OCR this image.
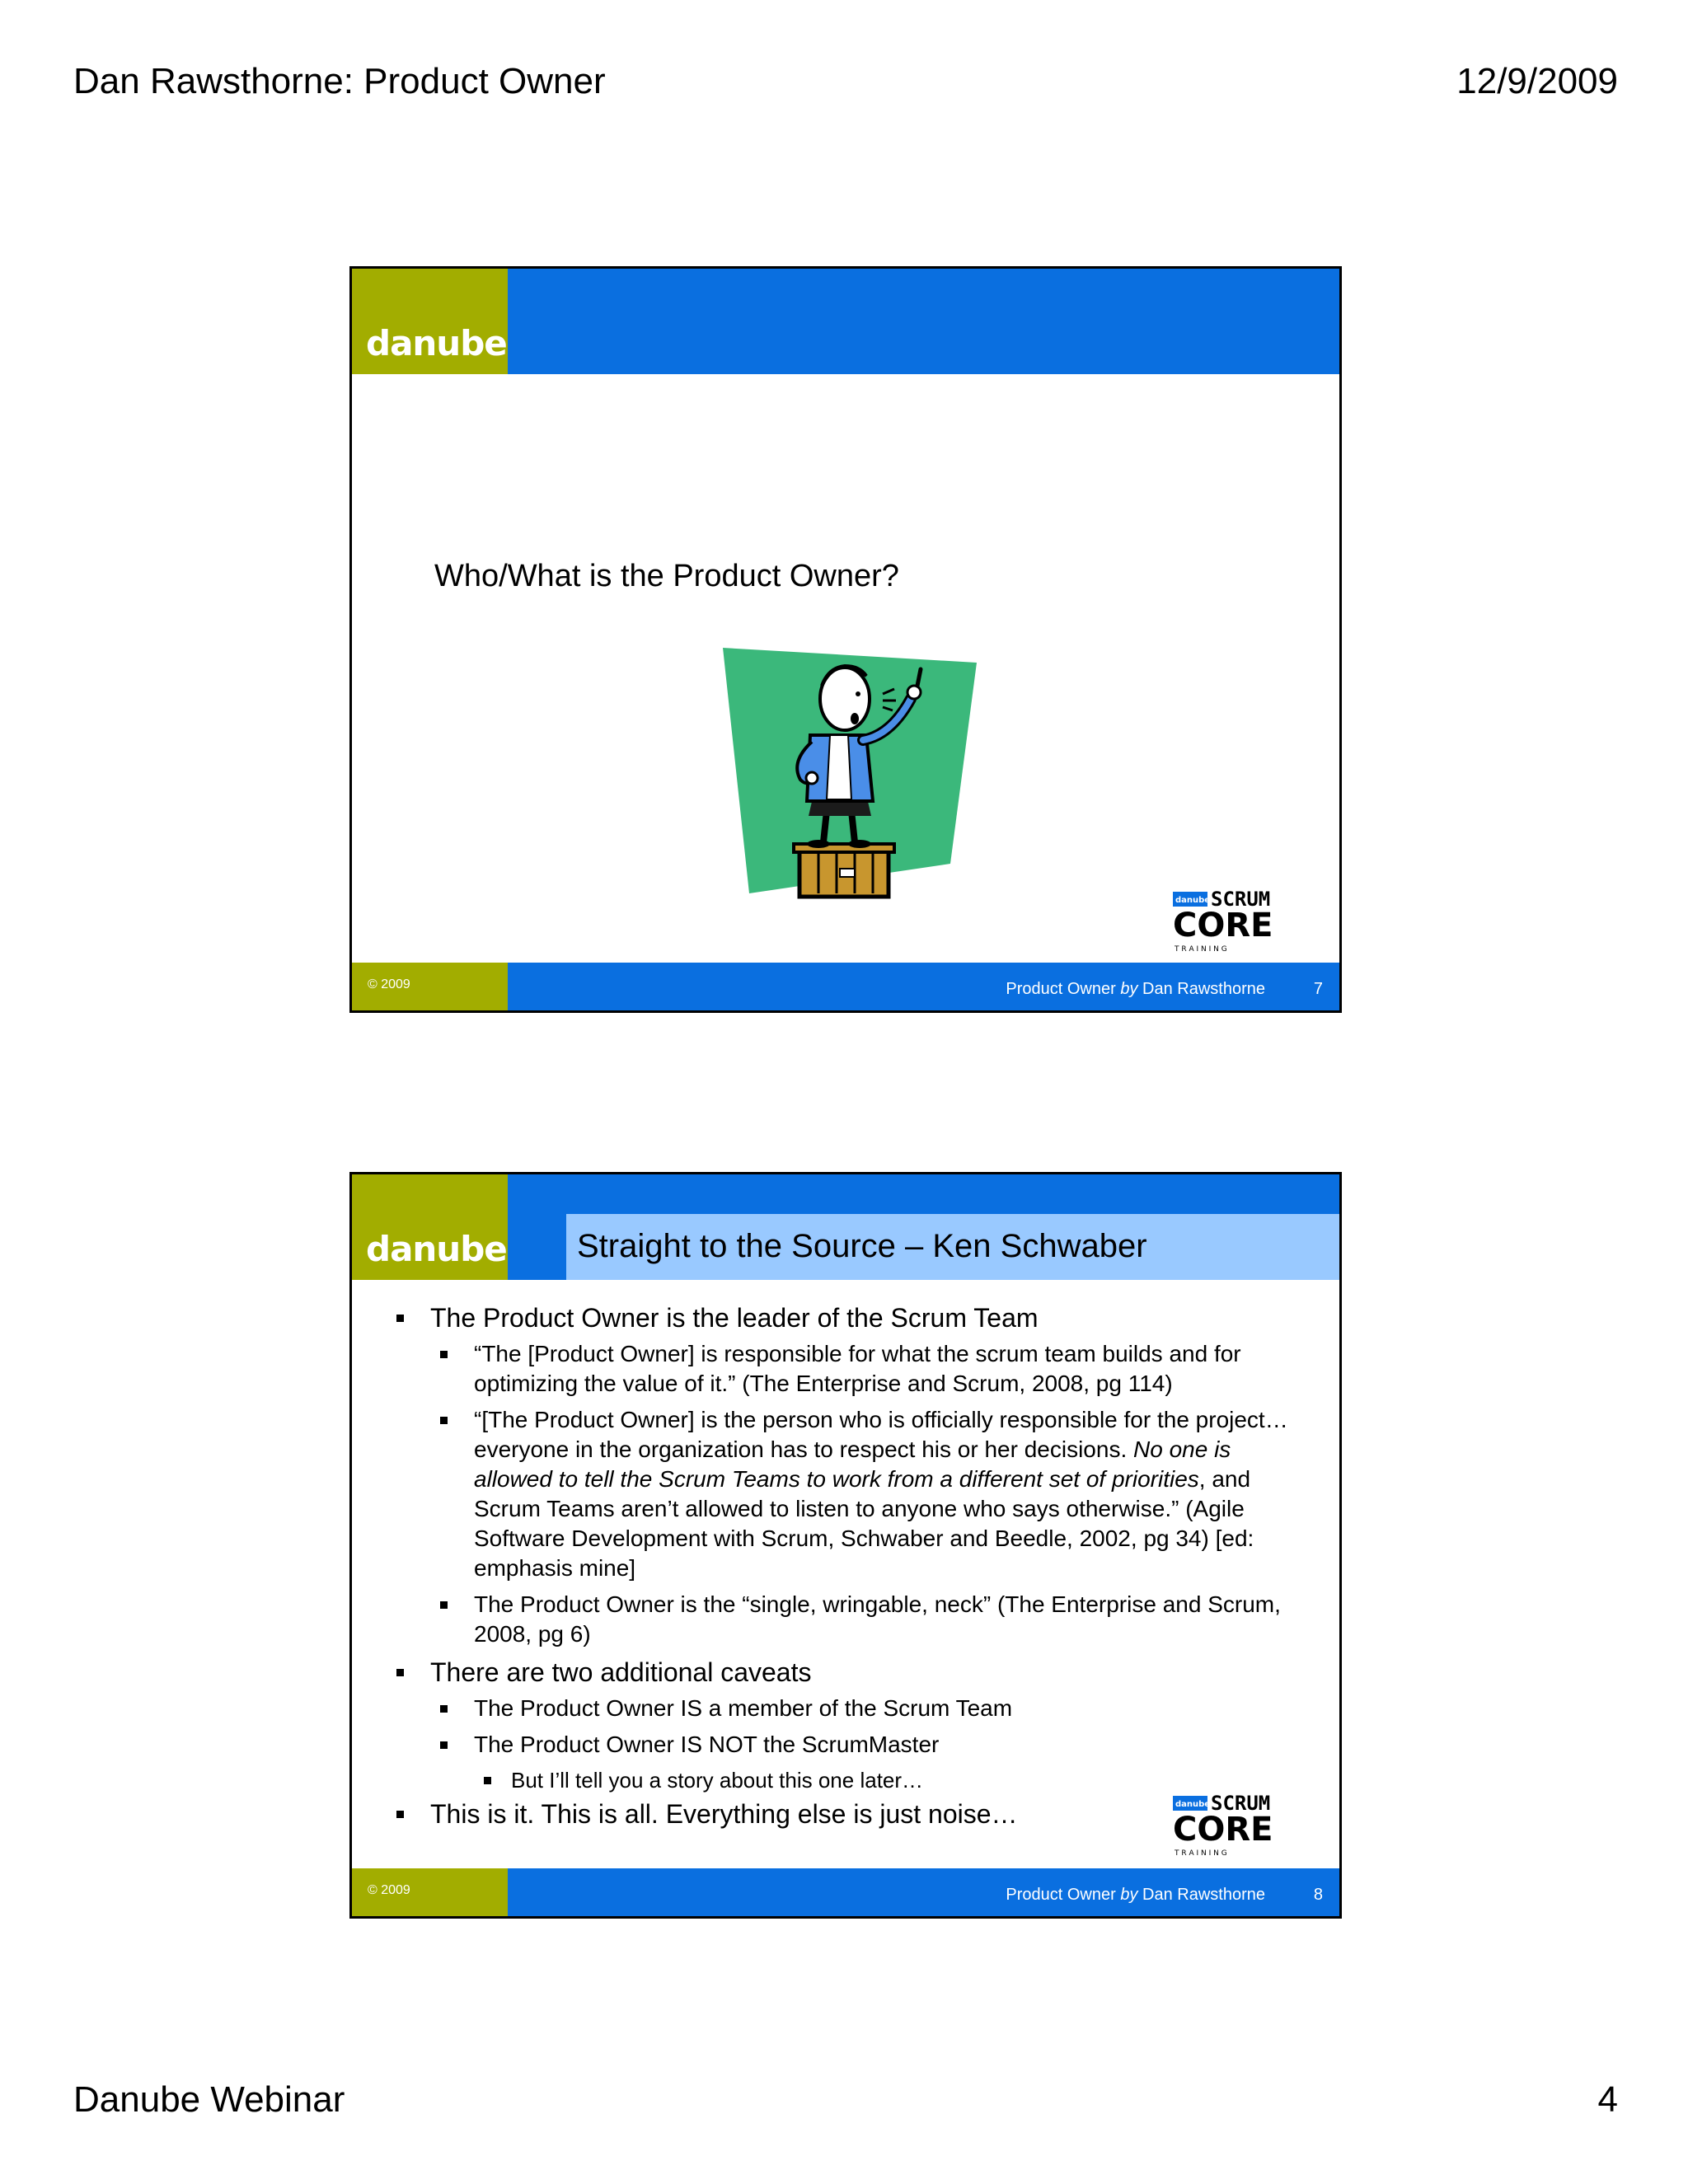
Dan Rawsthorne: Product Owner	12/9/2009
danube
Who/What is the Product Owner?
danube SCRUM
CORE
T R A I N I N G
© 2009	Product Owner by Dan Rawsthorne	7
danube Straight to the Source – Ken Schwaber
The Product Owner is the leader of the Scrum Team
“The [Product Owner] is responsible for what the scrum team builds and for optimizing the value of it.” (The Enterprise and Scrum, 2008, pg 114)
“[The Product Owner] is the person who is officially responsible for the project… everyone in the organization has to respect his or her decisions. No one is allowed to tell the Scrum Teams to work from a different set of priorities, and Scrum Teams aren’t allowed to listen to anyone who says otherwise.” (Agile Software Development with Scrum, Schwaber and Beedle, 2002, pg 34) [ed: emphasis mine]
The Product Owner is the “single, wringable, neck” (The Enterprise and Scrum, 2008, pg 6)
There are two additional caveats
The Product Owner IS a member of the Scrum Team
The Product Owner IS NOT the ScrumMaster
But I’ll tell you a story about this one later…
This is it. This is all. Everything else is just noise…	danube SCRUM
CORE
T R A I N I N G
© 2009	Product Owner by Dan Rawsthorne	8
Danube Webinar	4
